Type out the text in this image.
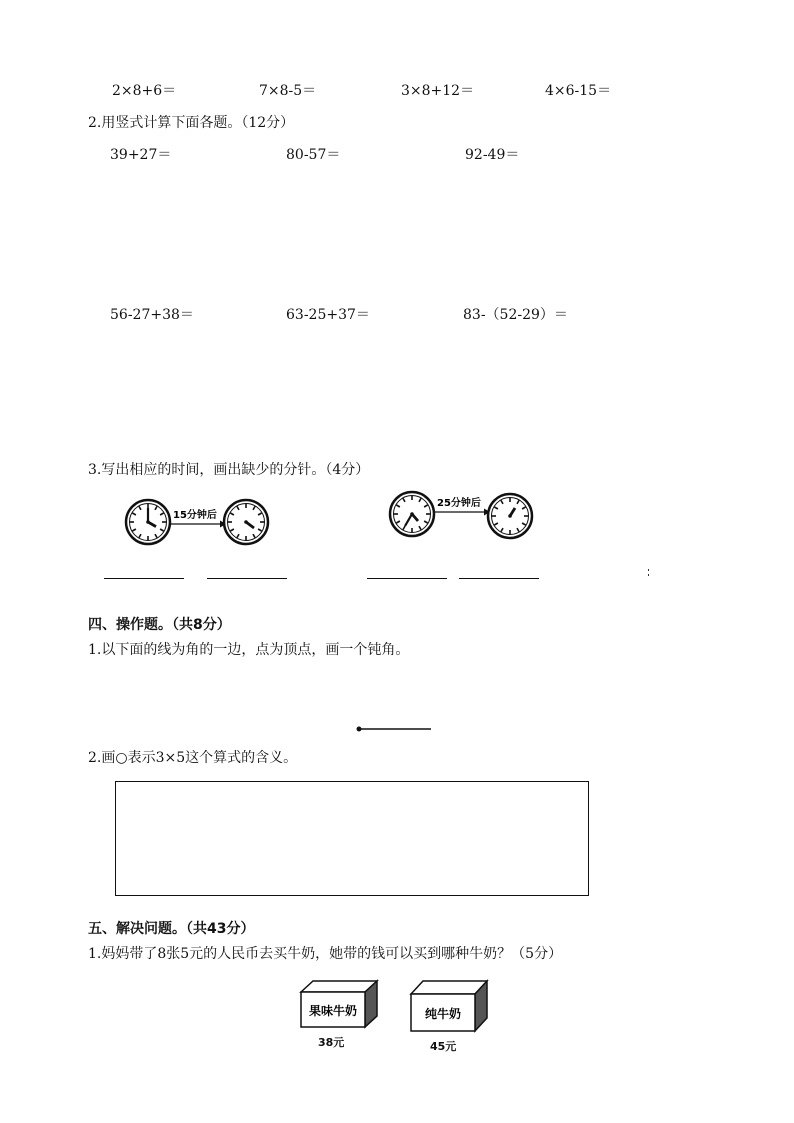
2×8+6＝	7×8-5＝	3×8+12＝	4×6-15＝
2.用竖式计算下面各题。（12分）
39+27＝	80-57＝	92-49＝
56-27+38＝	63-25+37＝	83-（52-29）＝
3.写出相应的时间，画出缺少的分针。（4分）
15分钟后
25分钟后
四、操作题。（共8分）
1.以下面的线为角的一边，点为顶点，画一个钝角。
2.画○表示3×5这个算式的含义。
五、解决问题。（共43分）
1.妈妈带了8张5元的人民币去买牛奶，她带的钱可以买到哪种牛奶？（5分）
果味牛奶
38元
纯牛奶
45元
